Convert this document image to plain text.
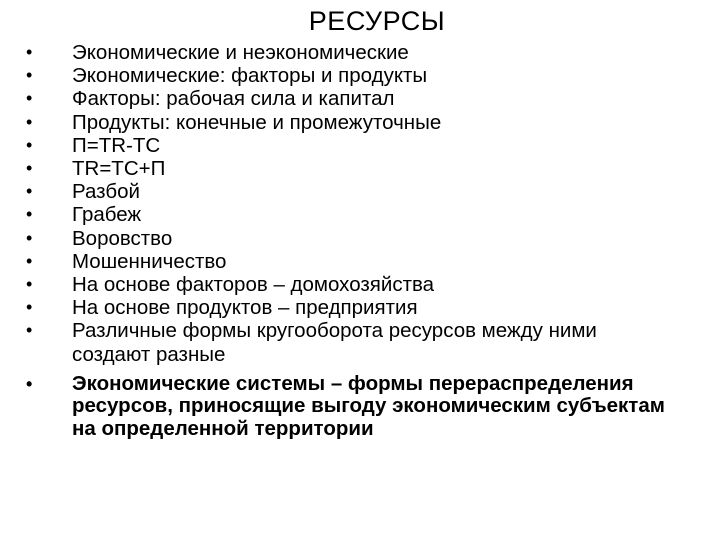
РЕСУРСЫ
• Экономические и неэкономические
• Экономические: факторы и продукты
• Факторы: рабочая сила и капитал
• Продукты: конечные и промежуточные
• П=TR-TC
• TR=TC+П
• Разбой
• Грабеж
• Воровство
• Мошенничество
• На основе факторов – домохозяйства
• На основе продуктов – предприятия
• Различные формы кругооборота ресурсов между ними создают разные
• Экономические системы – формы перераспределения ресурсов, приносящие выгоду экономическим субъектам на определенной территории
